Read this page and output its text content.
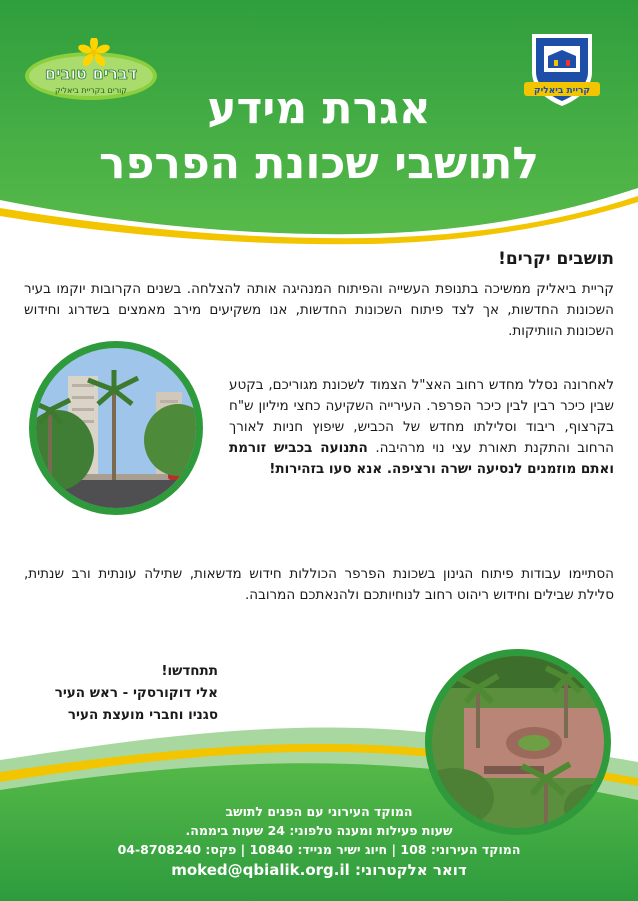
דברים טובים
קורים בקריית ביאליק	קריית ביאליק
אגרת מידע
לתושבי שכונת הפרפר
תושבים יקרים!
קריית ביאליק ממשיכה בתנופת העשייה והפיתוח המנהיגה אותה להצלחה. בשנים הקרובות יוקמו בעיר השכונות החדשות, אך לצד פיתוח השכונות החדשות, אנו משקיעים מירב מאמצים בשדרוג וחידוש השכונות הוותיקות.
לאחרונה נסלל מחדש רחוב האצ"ל הצמוד לשכונת מגוריכם, בקטע שבין כיכר רבין לבין כיכר הפרפר. העירייה השקיעה כחצי מיליון ש"ח בקרצוף, ריבוד וסלילתו מחדש של הכביש, שיפוץ חניות לאורך הרחוב והתקנת תאורת עצי נוי מרהיבה. התנועה בכביש זורמת ואתם מוזמנים לנסיעה ישרה ורציפה. אנא סעו בזהירות!
הסתיימו עבודות פיתוח הגינון בשכונת הפרפר הכוללות חידוש מדשאות, שתילה עונתית ורב שנתית, סלילת שבילים וחידוש ריהוט רחוב לנוחיותכם ולהנאתכם המרובה.
תתחדשו!
אלי דוקורסקי - ראש העיר
סגניו וחברי מועצת העיר
המוקד העירוני עם הפנים לתושב
שעות פעילות ומענה טלפוני: 24 שעות ביממה.
המוקד העירוני: 108 | חיוג ישיר מנייד: 10840 | פקס: 04-8708240
דואר אלקטרוני: moked@qbialik.org.il
